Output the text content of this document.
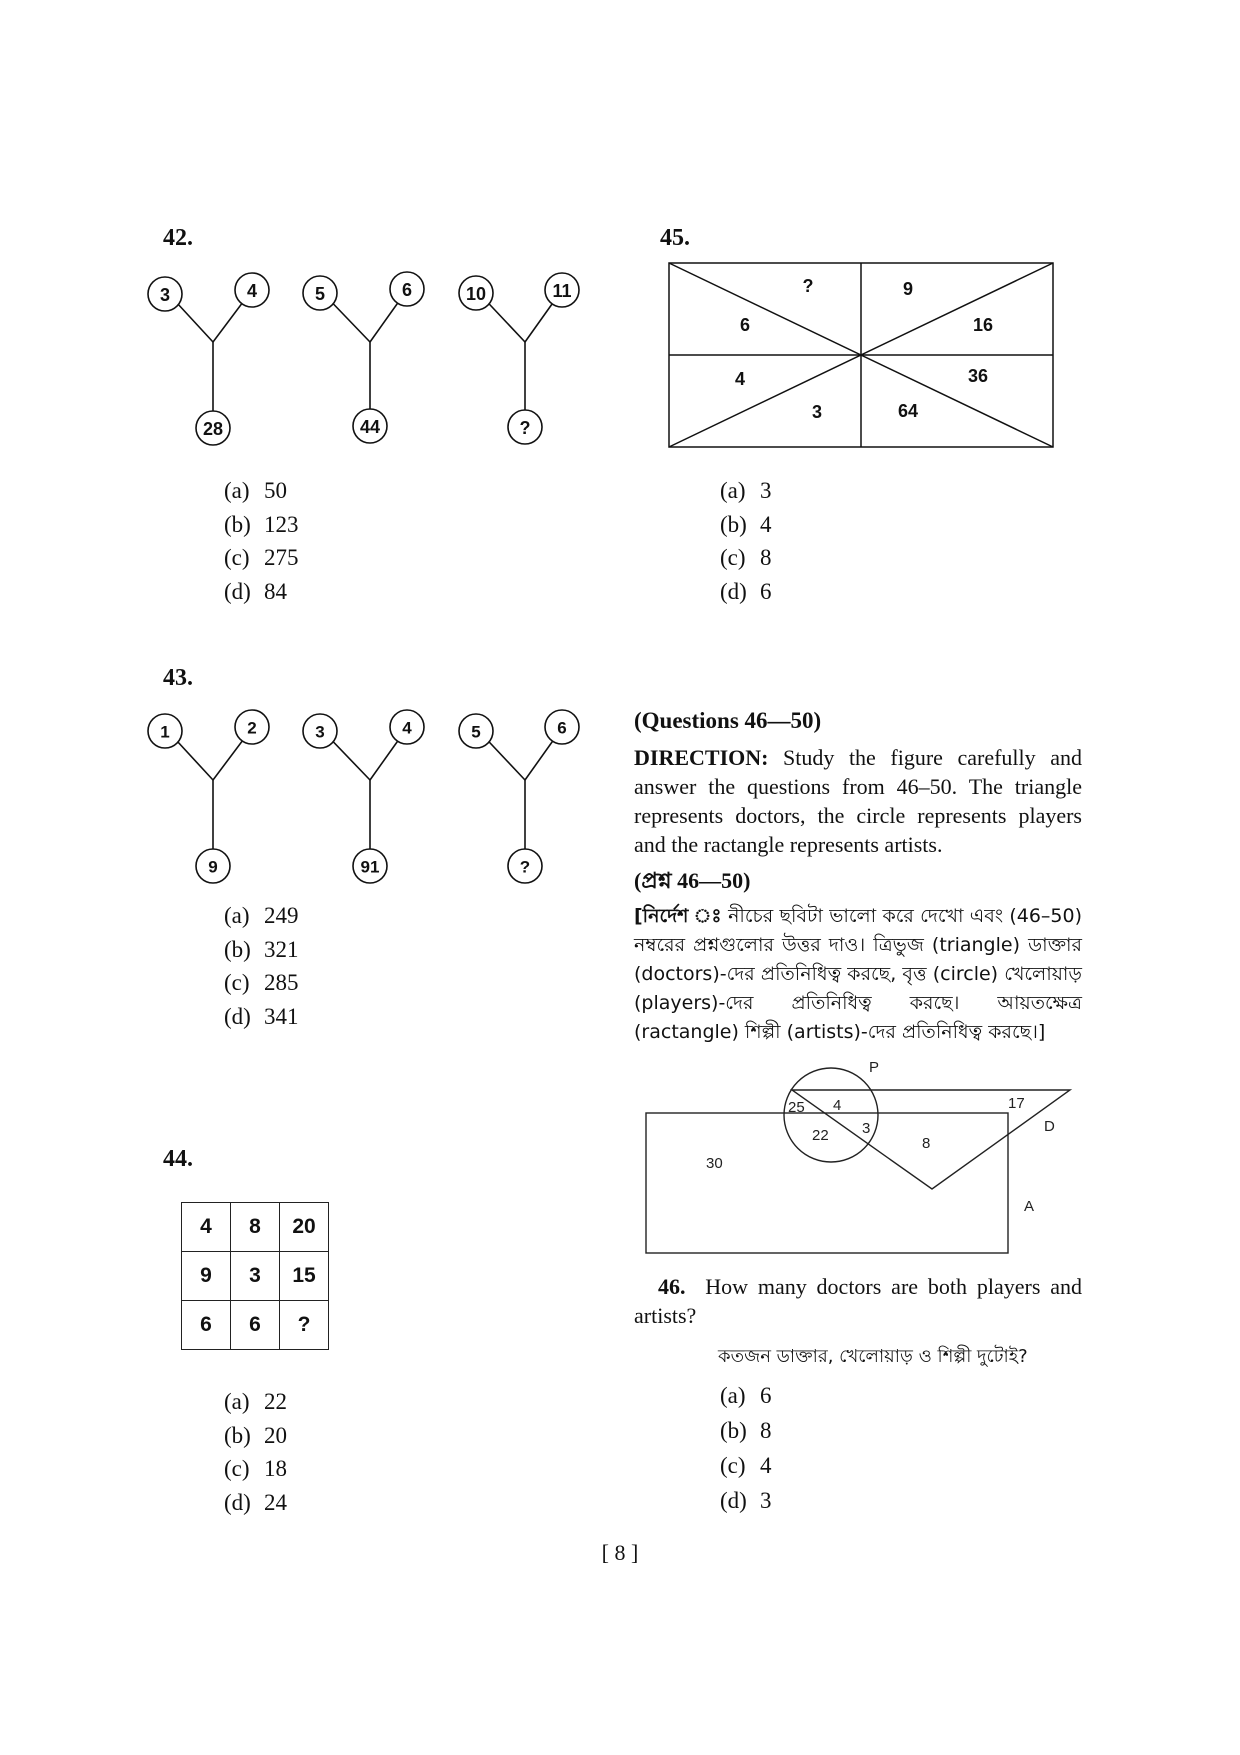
42.
3	4
28
5	6
44
10	11
?
(a) 50
(b) 123
(c) 275
(d) 84
43.
1	2
9
3	4
91
5	6
?
(a) 249
(b) 321
(c) 285
(d) 341
44.
4	8	20
9	3	15
6	6	?
(a) 22
(b) 20
(c) 18
(d) 24
45.
?	9
6	16
4	36
3	64
(a) 3
(b) 4
(c) 8
(d) 6
(Questions 46—50)
DIRECTION: Study the figure carefully and answer the questions from 46–50. The triangle represents doctors, the circle represents players and the ractangle represents artists.
(প্রশ্ন 46—50)
[নির্দেশ ঃ নীচের ছবিটা ভালো করে দেখো এবং (46–50) নম্বরের প্রশ্নগুলোর উত্তর দাও। ত্রিভুজ (triangle) ডাক্তার (doctors)-দের প্রতিনিধিত্ব করছে, বৃত্ত (circle) খেলোয়াড় (players)-দের প্রতিনিধিত্ব করছে। আয়তক্ষেত্র (ractangle) শিল্পী (artists)-দের প্রতিনিধিত্ব করছে।]
P
D
A
25 4	17
22 3
8
30
46. How many doctors are both players and artists?
কতজন ডাক্তার, খেলোয়াড় ও শিল্পী দুটোই?
(a) 6
(b) 8
(c) 4
(d) 3
[ 8 ]
